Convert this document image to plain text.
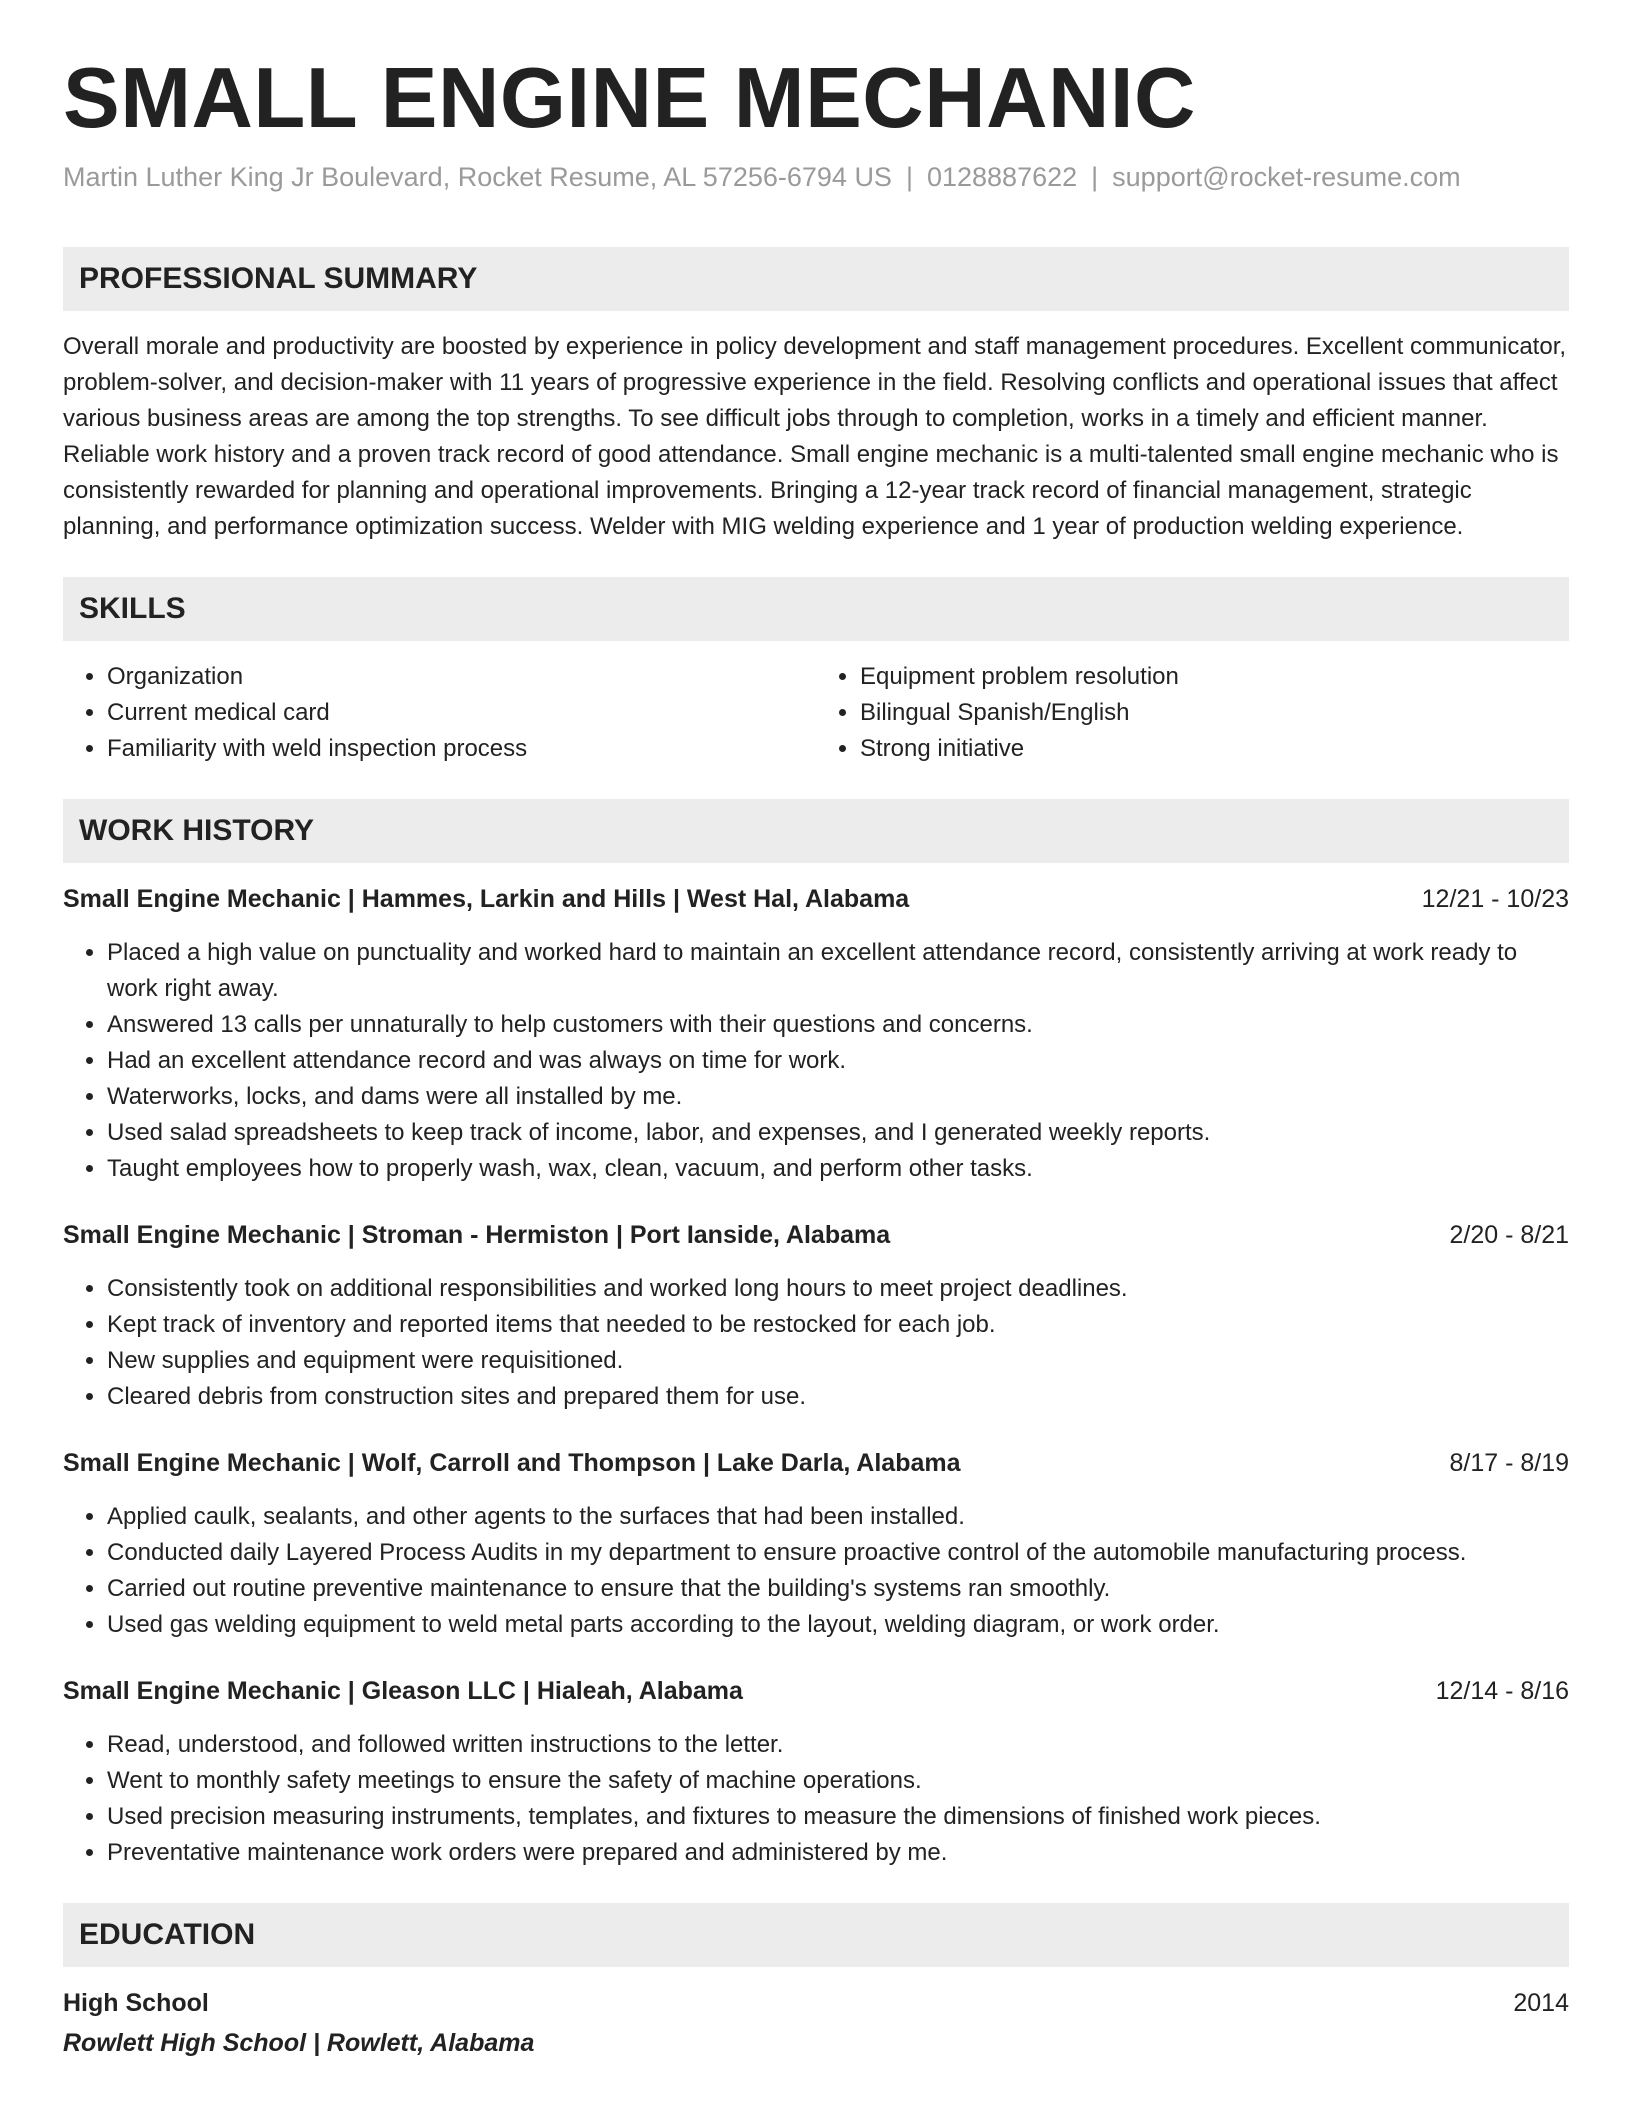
SMALL ENGINE MECHANIC
Martin Luther King Jr Boulevard, Rocket Resume, AL 57256-6794 US | 0128887622 | support@rocket-resume.com
PROFESSIONAL SUMMARY

Overall morale and productivity are boosted by experience in policy development and staff management procedures. Excellent communicator, problem-solver, and decision-maker with 11 years of progressive experience in the field. Resolving conflicts and operational issues that affect various business areas are among the top strengths. To see difficult jobs through to completion, works in a timely and efficient manner. Reliable work history and a proven track record of good attendance. Small engine mechanic is a multi-talented small engine mechanic who is consistently rewarded for planning and operational improvements. Bringing a 12-year track record of financial management, strategic planning, and performance optimization success. Welder with MIG welding experience and 1 year of production welding experience.

SKILLS
• Organization
• Current medical card
• Familiarity with weld inspection process
• Equipment problem resolution
• Bilingual Spanish/English
• Strong initiative
WORK HISTORY
Small Engine Mechanic | Hammes, Larkin and Hills | West Hal, Alabama	12/21 - 10/23
• Placed a high value on punctuality and worked hard to maintain an excellent attendance record, consistently arriving at work ready to work right away.
• Answered 13 calls per unnaturally to help customers with their questions and concerns.
• Had an excellent attendance record and was always on time for work.
• Waterworks, locks, and dams were all installed by me.
• Used salad spreadsheets to keep track of income, labor, and expenses, and I generated weekly reports.
• Taught employees how to properly wash, wax, clean, vacuum, and perform other tasks.
Small Engine Mechanic | Stroman - Hermiston | Port Ianside, Alabama	2/20 - 8/21
• Consistently took on additional responsibilities and worked long hours to meet project deadlines.
• Kept track of inventory and reported items that needed to be restocked for each job.
• New supplies and equipment were requisitioned.
• Cleared debris from construction sites and prepared them for use.
Small Engine Mechanic | Wolf, Carroll and Thompson | Lake Darla, Alabama	8/17 - 8/19
• Applied caulk, sealants, and other agents to the surfaces that had been installed.
• Conducted daily Layered Process Audits in my department to ensure proactive control of the automobile manufacturing process.
• Carried out routine preventive maintenance to ensure that the building's systems ran smoothly.
• Used gas welding equipment to weld metal parts according to the layout, welding diagram, or work order.
Small Engine Mechanic | Gleason LLC | Hialeah, Alabama	12/14 - 8/16
• Read, understood, and followed written instructions to the letter.
• Went to monthly safety meetings to ensure the safety of machine operations.
• Used precision measuring instruments, templates, and fixtures to measure the dimensions of finished work pieces.
• Preventative maintenance work orders were prepared and administered by me.
EDUCATION
High School	2014
Rowlett High School | Rowlett, Alabama
